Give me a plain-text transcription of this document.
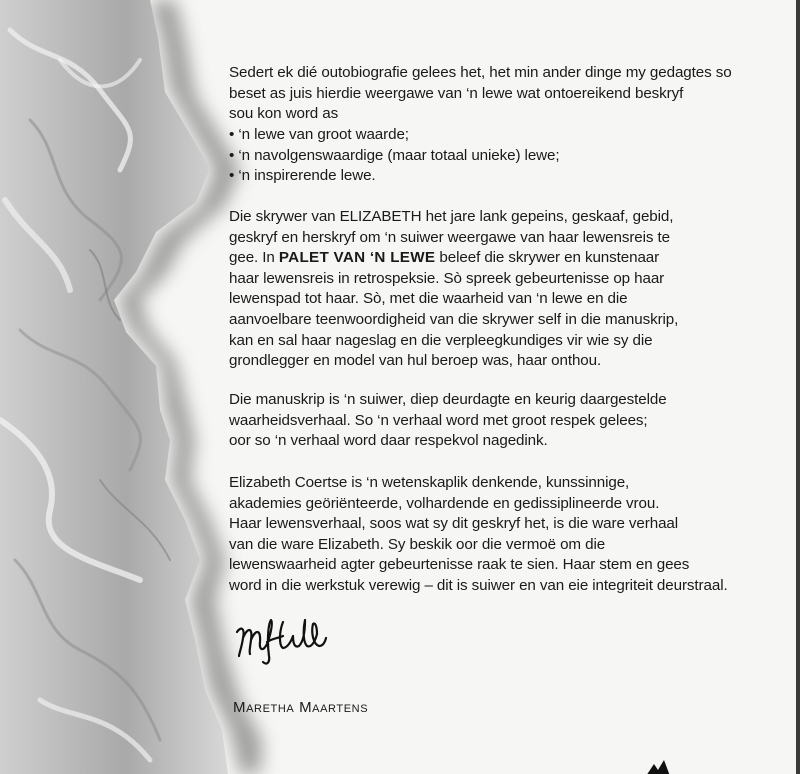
Sedert ek dié outobiografie gelees het, het min ander dinge my gedagtes so
beset as juis hierdie weergawe van ‘n lewe wat ontoereikend beskryf
sou kon word as

• ‘n lewe van groot waarde;
• ‘n navolgenswaardige (maar totaal unieke) lewe;
• ‘n inspirerende lewe.

Die skrywer van ELIZABETH het jare lank gepeins, geskaaf, gebid,
geskryf en herskryf om ‘n suiwer weergawe van haar lewensreis te
gee. In PALET VAN ‘N LEWE beleef die skrywer en kunstenaar
haar lewensreis in retrospeksie. Sò spreek gebeurtenisse op haar
lewenspad tot haar. Sò, met die waarheid van ‘n lewe en die
aanvoelbare teenwoordigheid van die skrywer self in die manuskrip,
kan en sal haar nageslag en die verpleegkundiges vir wie sy die
grondlegger en model van hul beroep was, haar onthou.

Die manuskrip is ‘n suiwer, diep deurdagte en keurig daargestelde
waarheidsverhaal. So ‘n verhaal word met groot respek gelees;
oor so ‘n verhaal word daar respekvol nagedink.

Elizabeth Coertse is ‘n wetenskaplik denkende, kunssinnige,
akademies geöriënteerde, volhardende en gedissiplineerde vrou.
Haar lewensverhaal, soos wat sy dit geskryf het, is die ware verhaal
van die ware Elizabeth. Sy beskik oor die vermoë om die
lewenswaarheid agter gebeurtenisse raak te sien. Haar stem en gees
word in die werkstuk verewig – dit is suiwer en van eie integriteit deurstraal.

Maretha Maartens
